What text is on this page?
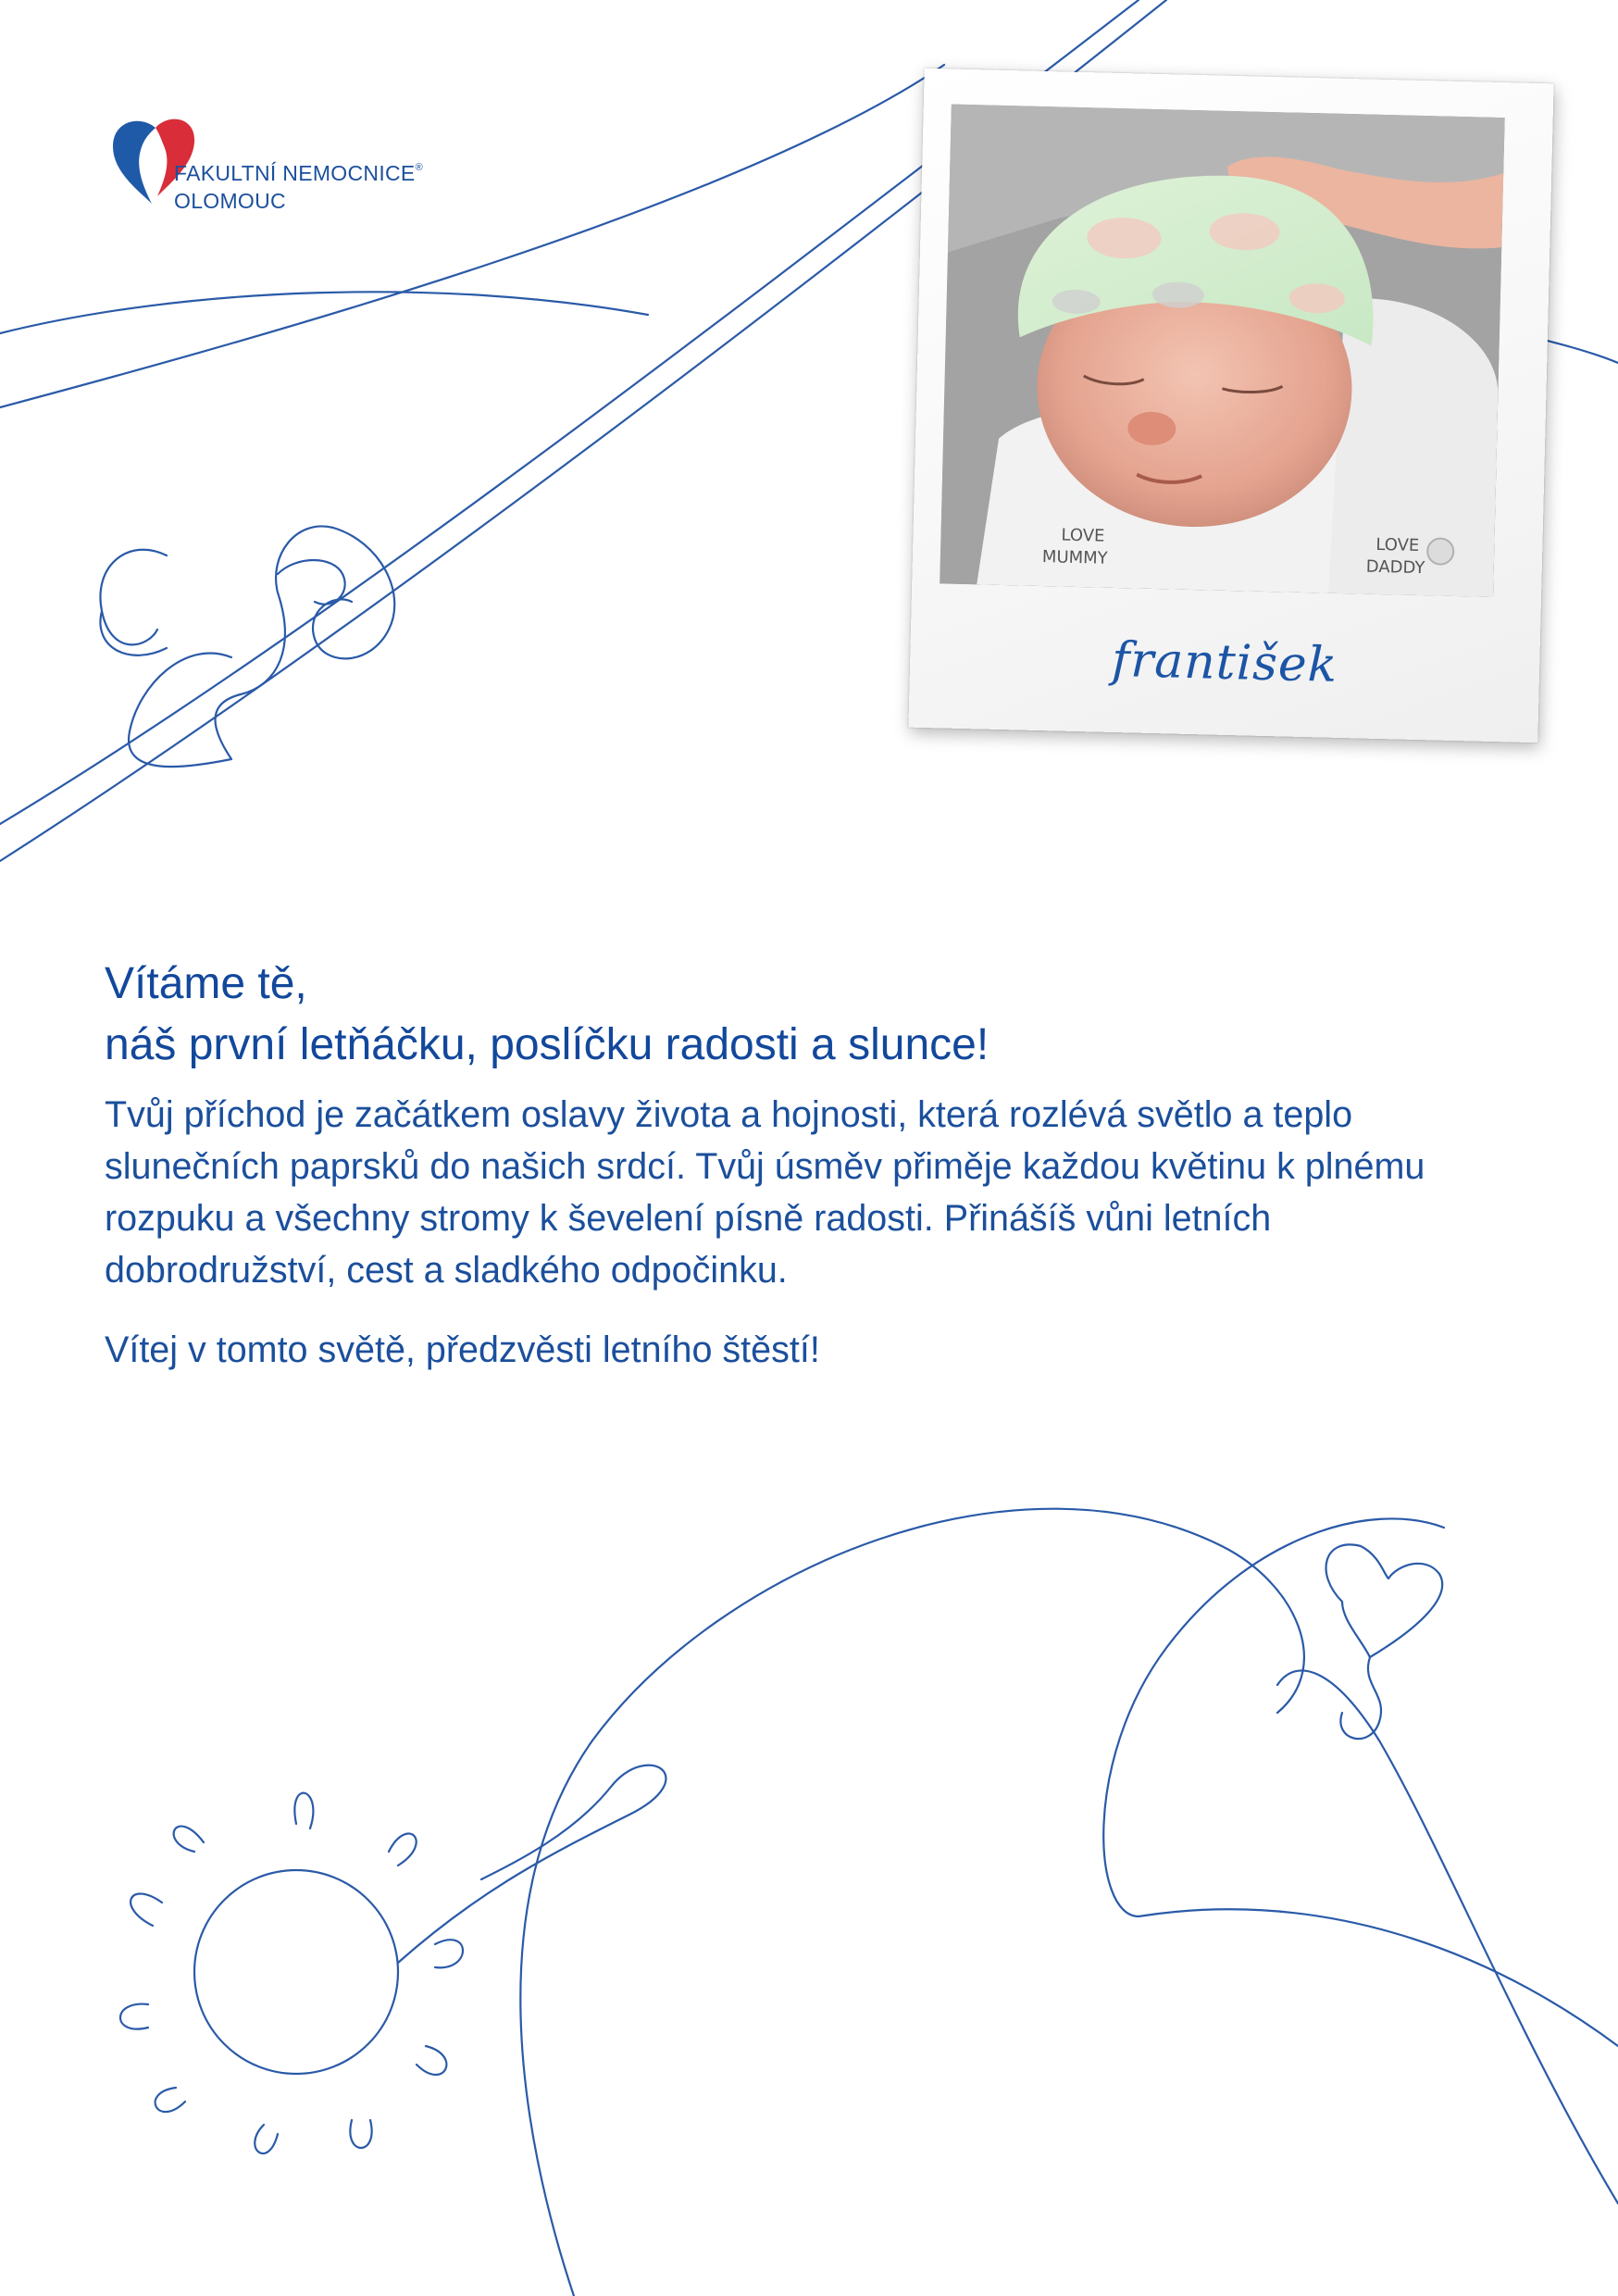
FAKULTNÍ NEMOCNICE®
OLOMOUC
LOVE
MUMMY
LOVE
DADDY
františek
Vítáme tě,
náš první letňáčku, poslíčku radosti a slunce!

Tvůj příchod je začátkem oslavy života a hojnosti, která rozlévá světlo a teplo slunečních paprsků do našich srdcí. Tvůj úsměv přiměje každou květinu k plnému rozpuku a všechny stromy k ševelení písně radosti. Přinášíš vůni letních dobrodružství, cest a sladkého odpočinku.

Vítej v tomto světě, předzvěsti letního štěstí!
